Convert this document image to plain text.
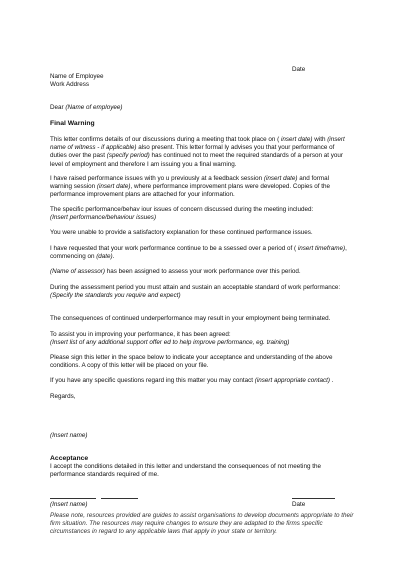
Date
Name of Employee
Work Address
Dear (Name of employee)
Final Warning
This letter confirms details of our discussions during a meeting that took place on ( insert date) with (insert name of witness - if applicable) also present. This letter formal ly advises you that your performance of duties over the past (specify period) has continued not to meet the required standards of a person at your level of employment and therefore I am issuing you a final warning.
I have raised performance issues with yo u previously at a feedback session (insert date) and formal warning session (insert date), where performance improvement plans were developed. Copies of the performance improvement plans are attached for your information.
The specific performance/behav iour issues of concern discussed during the meeting included:
(Insert performance/behaviour issues)
You were unable to provide a satisfactory explanation for these continued performance issues.
I have requested that your work performance continue to be a ssessed over a period of ( insert timeframe), commencing on (date).
(Name of assessor) has been assigned to assess your work performance over this period.
During the assessment period you must attain and sustain an acceptable standard of work performance:
(Specify the standards you require and expect)
The consequences of continued underperformance may result in your employment being terminated.
To assist you in improving your performance, it has been agreed:
(Insert list of any additional support offer ed to help improve performance, eg. training)
Please sign this letter in the space below to indicate your acceptance and understanding of the above conditions. A copy of this letter will be placed on your file.
If you have any specific questions regard ing this matter you may contact (insert appropriate contact) .
Regards,
(Insert name)
Acceptance
I accept the conditions detailed in this letter and understand the consequences of not meeting the performance standards required of me.
(Insert name)	Date
Please note, resources provided are guides to assist organisations to develop documents appropriate to their firm situation. The resources may require changes to ensure they are adapted to the firms specific circumstances in regard to any applicable laws that apply in your state or territory.
